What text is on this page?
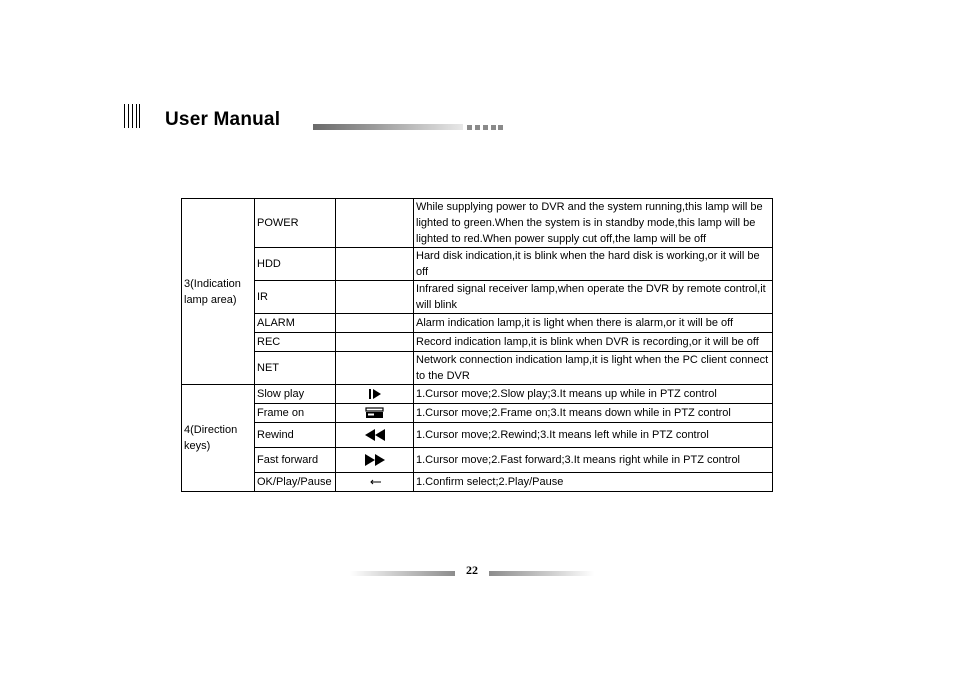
User Manual
3(Indication lamp area)	POWER		While supplying power to DVR and the system running,this lamp will be lighted to green.When the system is in standby mode,this lamp will be lighted to red.When power supply cut off,the lamp will be off
	HDD		Hard disk indication,it is blink when the hard disk is working,or it will be off
	IR		Infrared signal receiver lamp,when operate the DVR by remote control,it will blink
	ALARM		Alarm indication lamp,it is light when there is alarm,or it will be off
	REC		Record indication lamp,it is blink when DVR is recording,or it will be off
	NET		Network connection indication lamp,it is light when the PC client connect to the DVR
4(Direction keys)	Slow play		1.Cursor move;2.Slow play;3.It means up while in PTZ control
	Frame on		1.Cursor move;2.Frame on;3.It means down while in PTZ control
	Rewind		1.Cursor move;2.Rewind;3.It means left while in PTZ control
	Fast forward		1.Cursor move;2.Fast forward;3.It means right while in PTZ control
	OK/Play/Pause		1.Confirm select;2.Play/Pause
22
